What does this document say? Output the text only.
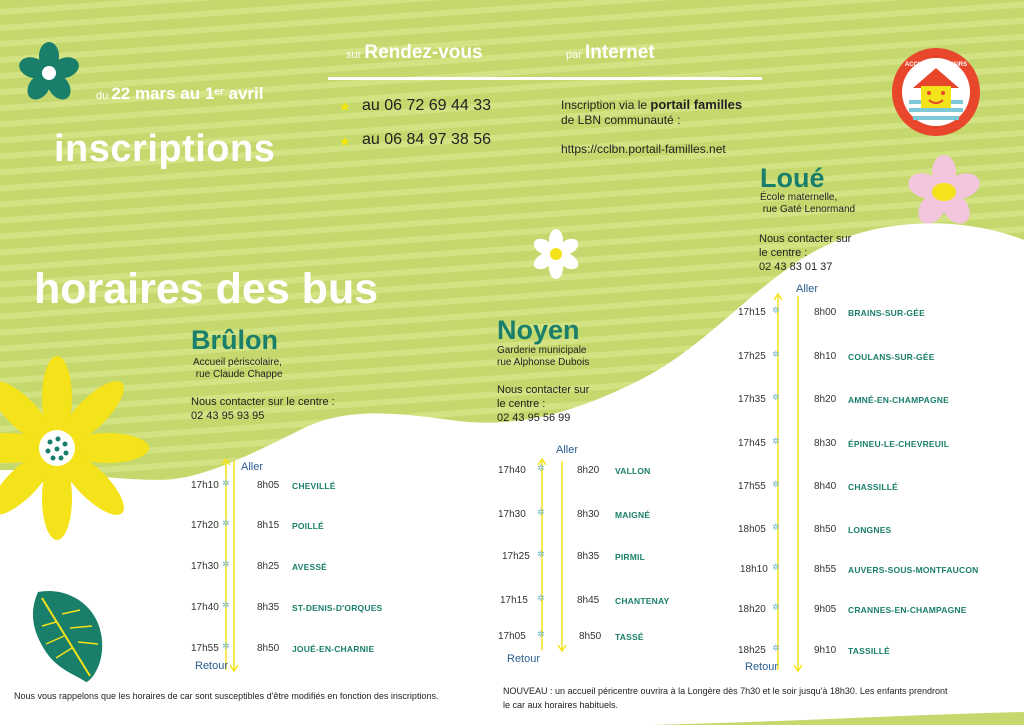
ACCUEIL DE LOISIRS
du 22 mars au 1er avril
inscriptions
sur Rendez-vous	par Internet
★ au 06 72 69 44 33
★ au 06 84 97 38 56
Inscription via le portail familles
de LBN communauté :
https://cclbn.portail-familles.net
horaires des bus
Brûlon
Accueil périscolaire,
rue Claude Chappe
Nous contacter sur le centre :
02 43 95 93 95
Aller
Retour
17h10 ✲	8h05 CHEVILLÉ
17h20 ✲	8h15 POILLÉ
17h30 ✲	8h25 AVESSÉ
17h40 ✲	8h35 ST-DENIS-D'ORQUES
17h55 ✲	8h50 JOUÉ-EN-CHARNIE
Noyen
Garderie municipale
rue Alphonse Dubois
Nous contacter sur
le centre :
02 43 95 56 99
Aller
Retour
17h40 ✲	8h20 VALLON
17h30 ✲	8h30 MAIGNÉ
17h25 ✲	8h35 PIRMIL
17h15 ✲	8h45 CHANTENAY
17h05 ✲	8h50 TASSÉ
Loué
École maternelle,
rue Gaté Lenormand
Nous contacter sur
le centre :
02 43 83 01 37
Aller
Retour
17h15 ✲	8h00 BRAINS-SUR-GÉE
17h25 ✲	8h10 COULANS-SUR-GÉE
17h35 ✲	8h20 AMNÉ-EN-CHAMPAGNE
17h45 ✲	8h30 ÉPINEU-LE-CHEVREUIL
17h55 ✲	8h40 CHASSILLÉ
18h05 ✲	8h50 LONGNES
18h10 ✲	8h55 AUVERS-SOUS-MONTFAUCON
18h20 ✲	9h05 CRANNES-EN-CHAMPAGNE
18h25 ✲	9h10 TASSILLÉ
Nous vous rappelons que les horaires de car sont susceptibles d'être modifiés en fonction des inscriptions.	NOUVEAU : un accueil péricentre ouvrira à la Longère dès 7h30 et le soir jusqu'à 18h30. Les enfants prendront
le car aux horaires habituels.
